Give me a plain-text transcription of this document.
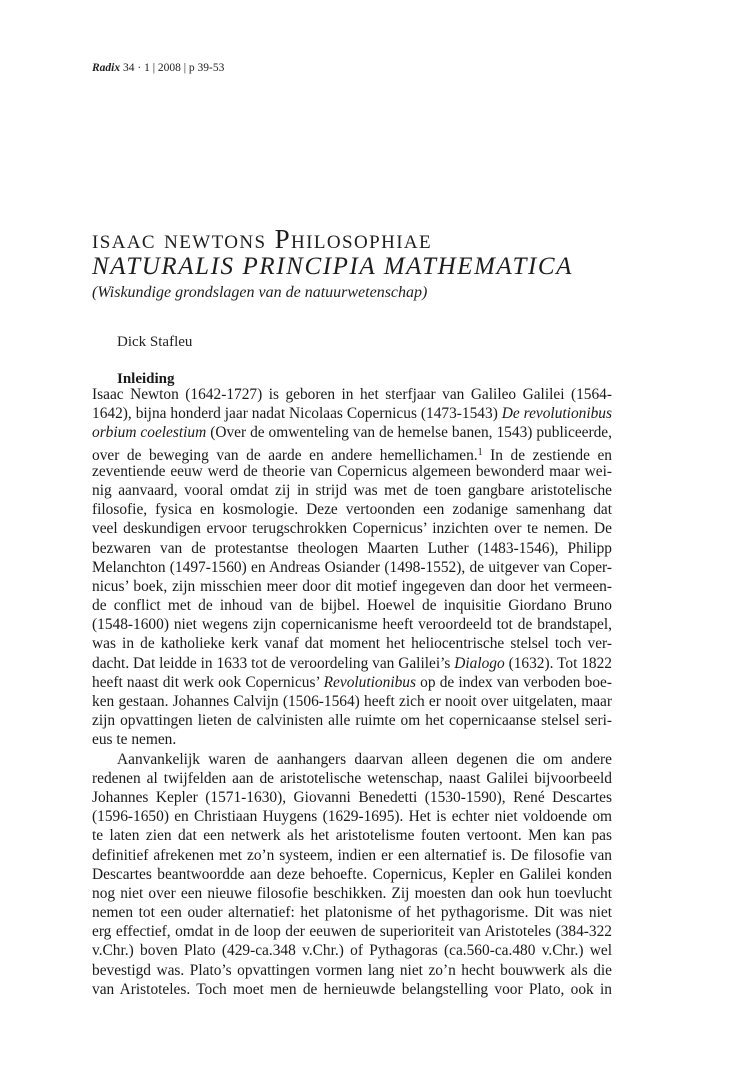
Radix 34 · 1 | 2008 | p 39-53
isaac newtons Philosophiae
NATURALIS PRINCIPIA MATHEMATICA
(Wiskundige grondslagen van de natuurwetenschap)
Dick Stafleu
Inleiding
Isaac Newton (1642-1727) is geboren in het sterfjaar van Galileo Galilei (1564-
1642), bijna honderd jaar nadat Nicolaas Copernicus (1473-1543) De revolutionibus
orbium coelestium (Over de omwenteling van de hemelse banen, 1543) publiceerde,
over de beweging van de aarde en andere hemellichamen.$^1$ In de zestiende en
zeventiende eeuw werd de theorie van Copernicus algemeen bewonderd maar wei-
nig aanvaard, vooral omdat zij in strijd was met de toen gangbare aristotelische
filosofie, fysica en kosmologie. Deze vertoonden een zodanige samenhang dat
veel deskundigen ervoor terugschrokken Copernicus’ inzichten over te nemen. De
bezwaren van de protestantse theologen Maarten Luther (1483-1546), Philipp
Melanchton (1497-1560) en Andreas Osiander (1498-1552), de uitgever van Coper-
nicus’ boek, zijn misschien meer door dit motief ingegeven dan door het vermeen-
de conflict met de inhoud van de bijbel. Hoewel de inquisitie Giordano Bruno
(1548-1600) niet wegens zijn copernicanisme heeft veroordeeld tot de brandstapel,
was in de katholieke kerk vanaf dat moment het heliocentrische stelsel toch ver-
dacht. Dat leidde in 1633 tot de veroordeling van Galilei’s Dialogo (1632). Tot 1822
heeft naast dit werk ook Copernicus’ Revolutionibus op de index van verboden boe-
ken gestaan. Johannes Calvijn (1506-1564) heeft zich er nooit over uitgelaten, maar
zijn opvattingen lieten de calvinisten alle ruimte om het copernicaanse stelsel seri-
eus te nemen.
Aanvankelijk waren de aanhangers daarvan alleen degenen die om andere
redenen al twijfelden aan de aristotelische wetenschap, naast Galilei bijvoorbeeld
Johannes Kepler (1571-1630), Giovanni Benedetti (1530-1590), René Descartes
(1596-1650) en Christiaan Huygens (1629-1695). Het is echter niet voldoende om
te laten zien dat een netwerk als het aristotelisme fouten vertoont. Men kan pas
definitief afrekenen met zo’n systeem, indien er een alternatief is. De filosofie van
Descartes beantwoordde aan deze behoefte. Copernicus, Kepler en Galilei konden
nog niet over een nieuwe filosofie beschikken. Zij moesten dan ook hun toevlucht
nemen tot een ouder alternatief: het platonisme of het pythagorisme. Dit was niet
erg effectief, omdat in de loop der eeuwen de superioriteit van Aristoteles (384-322
v.Chr.) boven Plato (429-ca.348 v.Chr.) of Pythagoras (ca.560-ca.480 v.Chr.) wel
bevestigd was. Plato’s opvattingen vormen lang niet zo’n hecht bouwwerk als die
van Aristoteles. Toch moet men de hernieuwde belangstelling voor Plato, ook in
